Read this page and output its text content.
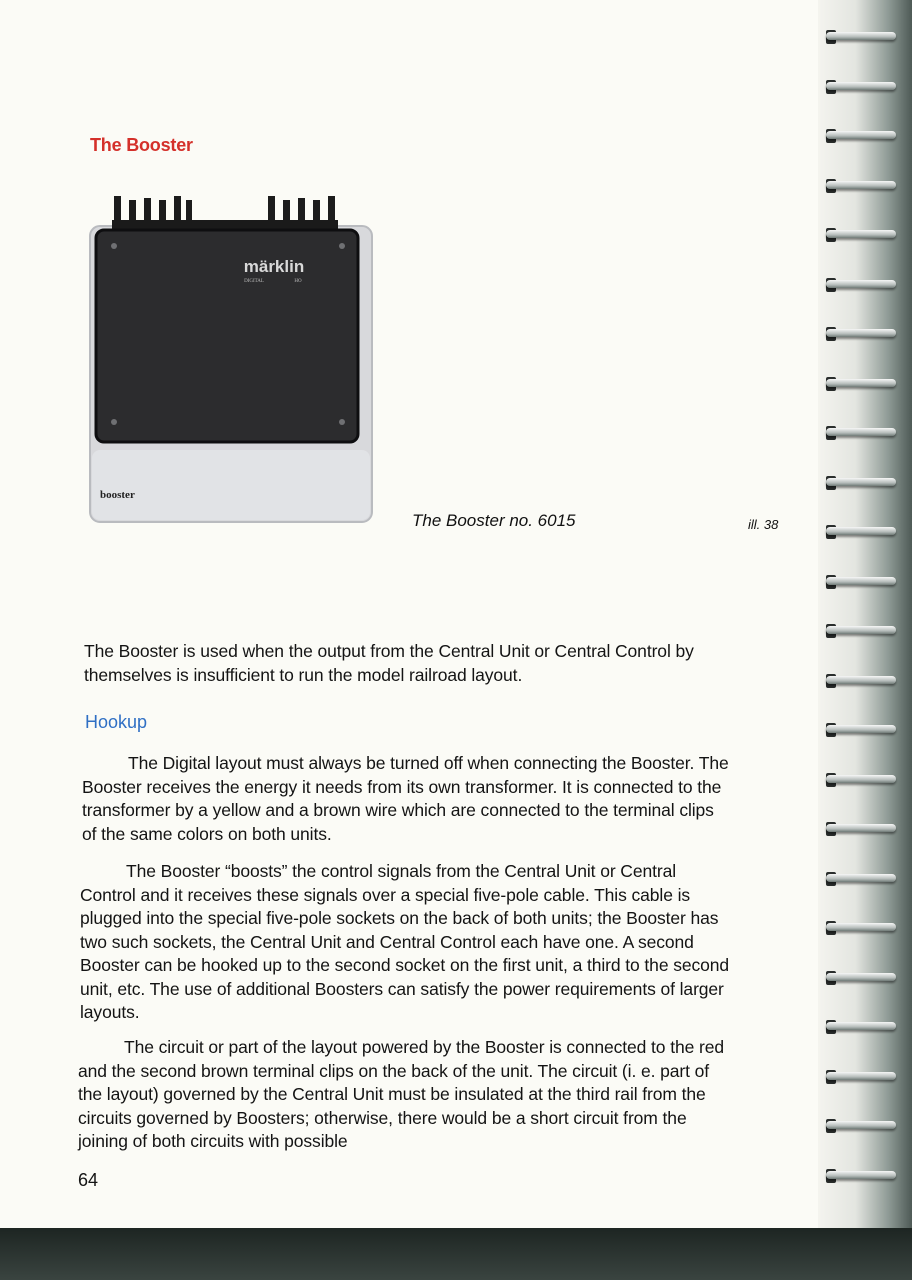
The Booster
märklin
DIGITAL	HO
booster

The Booster no. 6015	ill. 38

The Booster is used when the output from the Central Unit or Central Control by themselves is insufficient to run the model railroad layout.

Hookup

The Digital layout must always be turned off when connecting the Booster. The Booster receives the energy it needs from its own transformer. It is connected to the transformer by a yellow and a brown wire which are connected to the terminal clips of the same colors on both units.

The Booster “boosts” the control signals from the Central Unit or Central Control and it receives these signals over a special five-pole cable. This cable is plugged into the special five-pole sockets on the back of both units; the Booster has two such sockets, the Central Unit and Central Control each have one. A second Booster can be hooked up to the second socket on the first unit, a third to the second unit, etc. The use of additional Boosters can satisfy the power requirements of larger layouts.

The circuit or part of the layout powered by the Booster is connected to the red and the second brown terminal clips on the back of the unit. The circuit (i. e. part of the layout) governed by the Central Unit must be insulated at the third rail from the circuits governed by Boosters; otherwise, there would be a short circuit from the joining of both circuits with possible

64
